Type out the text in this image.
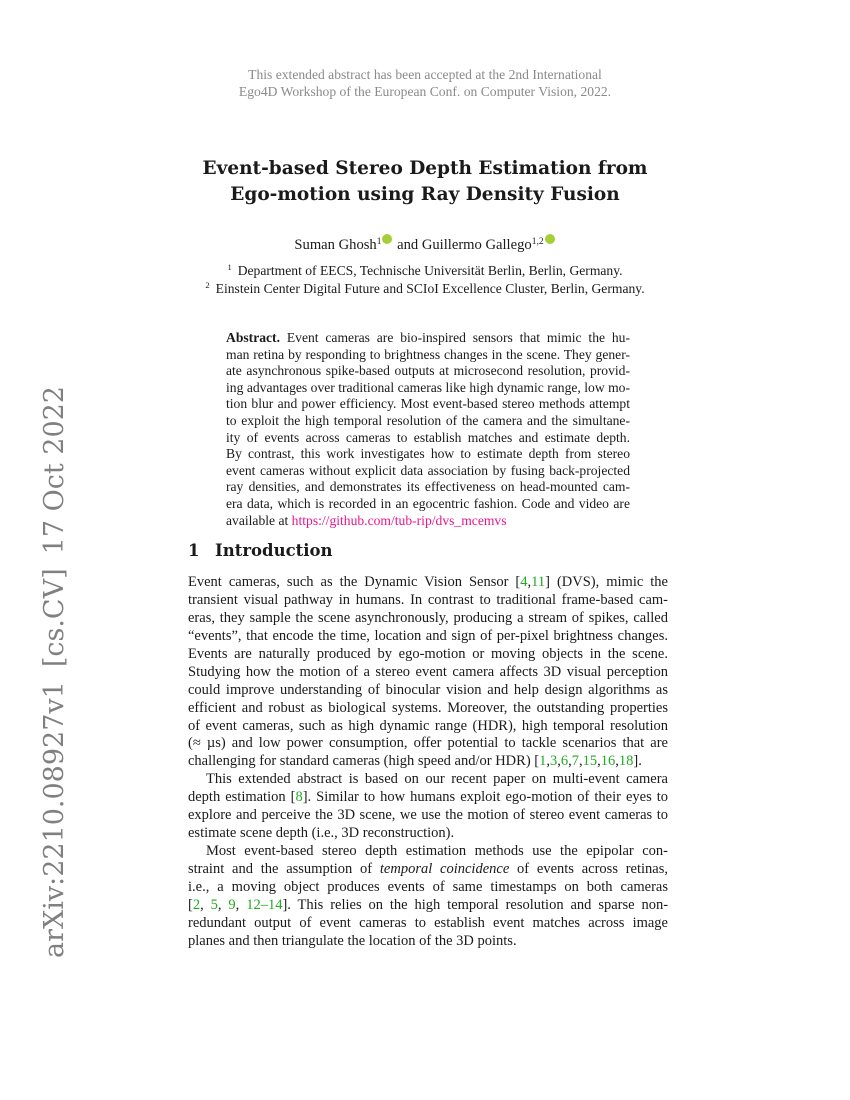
This extended abstract has been accepted at the 2nd International
Ego4D Workshop of the European Conf. on Computer Vision, 2022.
Event-based Stereo Depth Estimation from
Ego-motion using Ray Density Fusion
Suman Ghosh$^1$ and Guillermo Gallego$^{1,2}$
$^1$ Department of EECS, Technische Universität Berlin, Berlin, Germany.
$^2$ Einstein Center Digital Future and SCIoI Excellence Cluster, Berlin, Germany.
Abstract. Event cameras are bio-inspired sensors that mimic the hu-
man retina by responding to brightness changes in the scene. They gener-
ate asynchronous spike-based outputs at microsecond resolution, provid-
ing advantages over traditional cameras like high dynamic range, low mo-
tion blur and power efficiency. Most event-based stereo methods attempt
to exploit the high temporal resolution of the camera and the simultane-
ity of events across cameras to establish matches and estimate depth.
By contrast, this work investigates how to estimate depth from stereo
event cameras without explicit data association by fusing back-projected
ray densities, and demonstrates its effectiveness on head-mounted cam-
era data, which is recorded in an egocentric fashion. Code and video are
available at https://github.com/tub-rip/dvs_mcemvs
1 Introduction
Event cameras, such as the Dynamic Vision Sensor [4,11] (DVS), mimic the
transient visual pathway in humans. In contrast to traditional frame-based cam-
eras, they sample the scene asynchronously, producing a stream of spikes, called
“events”, that encode the time, location and sign of per-pixel brightness changes.
Events are naturally produced by ego-motion or moving objects in the scene.
Studying how the motion of a stereo event camera affects 3D visual perception
could improve understanding of binocular vision and help design algorithms as
efficient and robust as biological systems. Moreover, the outstanding properties
of event cameras, such as high dynamic range (HDR), high temporal resolution
(≈ µs) and low power consumption, offer potential to tackle scenarios that are
challenging for standard cameras (high speed and/or HDR) [1,3,6,7,15,16,18].
This extended abstract is based on our recent paper on multi-event camera
depth estimation [8]. Similar to how humans exploit ego-motion of their eyes to
explore and perceive the 3D scene, we use the motion of stereo event cameras to
estimate scene depth (i.e., 3D reconstruction).
Most event-based stereo depth estimation methods use the epipolar con-
straint and the assumption of temporal coincidence of events across retinas,
i.e., a moving object produces events of same timestamps on both cameras
[2, 5, 9, 12–14]. This relies on the high temporal resolution and sparse non-
redundant output of event cameras to establish event matches across image
planes and then triangulate the location of the 3D points.
arXiv:2210.08927v1[cs.CV]17 Oct 2022
